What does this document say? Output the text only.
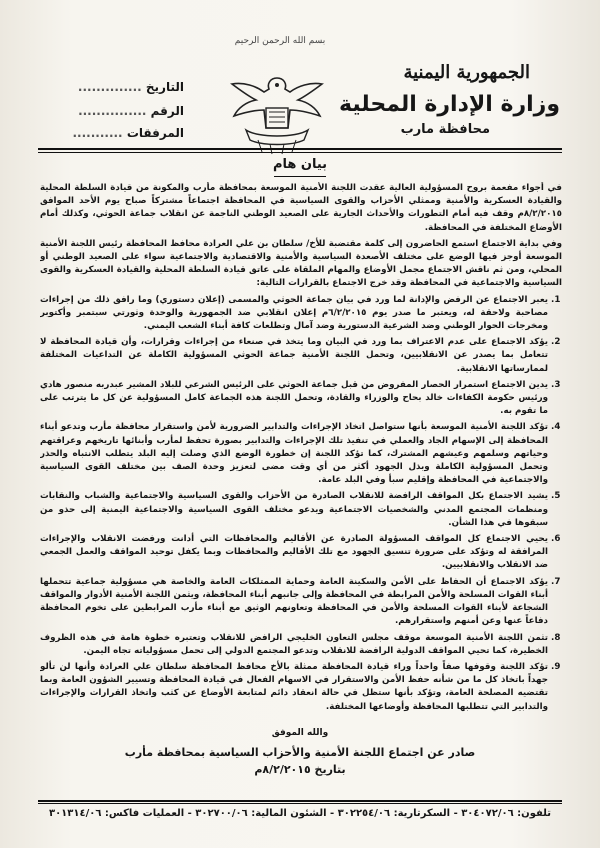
بسم الله الرحمن الرحيم
الجمهورية اليمنية
وزارة الإدارة المحلية
محافظة مارب
التاريخ ..............
الرقم ...............
المرفقات ...........
بيان هام

في أجواء مفعمة بروح المسؤولية العالية عقدت اللجنة الأمنية الموسعة بمحافظة مأرب والمكونة من قيادة السلطة المحلية والقيادة العسكرية والأمنية وممثلي الأحزاب والقوى السياسية في المحافظة اجتماعاً مشتركاً صباح يوم الأحد الموافق ٨/٢/٢٠١٥م وقف فيه أمام التطورات والأحداث الجارية على الصعيد الوطني الناجمة عن انقلاب جماعة الحوثي، وكذلك أمام الأوضاع المختلفة في المحافظة.

وفي بداية الاجتماع استمع الحاضرون إلى كلمة مقتضبة للأخ/ سلطان بن علي العرادة محافظ المحافظة رئيس اللجنة الأمنية الموسعة أوجز فيها الوضع على مختلف الأصعدة السياسية والأمنية والاقتصادية والاجتماعية سواء على الصعيد الوطني أو المحلي، ومن ثم ناقش الاجتماع مجمل الأوضاع والمهام الملقاة على عاتق قيادة السلطة المحلية والقيادة العسكرية والقوى السياسية والاجتماعية في المحافظة وقد خرج الاجتماع بالقرارات التالية:

1. يعبر الاجتماع عن الرفض والإدانة لما ورد في بيان جماعة الحوثي والمسمى (إعلان دستوري) وما رافق ذلك من إجراءات مصاحبة ولاحقة له، ويعتبر ما صدر يوم ٦/٢/٢٠١٥م إعلان انقلابي ضد الجمهورية والوحدة وثورتي سبتمبر وأكتوبر ومخرجات الحوار الوطني وضد الشرعية الدستورية وضد آمال وتطلعات كافة أبناء الشعب اليمني.
2. يؤكد الاجتماع على عدم الاعتراف بما ورد في البيان وما يتخذ في صنعاء من إجراءات وقرارات، وأن قيادة المحافظة لا تتعامل بما يصدر عن الانقلابيين، وتحمل اللجنة الأمنية جماعة الحوثي المسؤولية الكاملة عن التداعيات المختلفة لممارساتها الانقلابية.
3. يدين الاجتماع استمرار الحصار المفروض من قبل جماعة الحوثي على الرئيس الشرعي للبلاد المشير عبدربه منصور هادي ورئيس حكومة الكفاءات خالد بحاح والوزراء والقادة، وتحمل اللجنة هذه الجماعة كامل المسؤولية عن كل ما يترتب على ما تقوم به.
4. تؤكد اللجنة الأمنية الموسعة بأنها ستواصل اتخاذ الإجراءات والتدابير الضرورية لأمن واستقرار محافظة مأرب وتدعو أبناء المحافظة إلى الإسهام الجاد والعملي في تنفيذ تلك الإجراءات والتدابير بصورة تحفظ لمأرب وأبنائها تاريخهم وعراقتهم وحياتهم وسلمهم وعيشهم المشترك، كما تؤكد اللجنة إن خطورة الوضع الذي وصلت إليه البلد يتطلب الانتباه والحذر وتحمل المسؤولية الكاملة وبذل الجهود أكثر من أي وقت مضى لتعزيز وحدة الصف بين مختلف القوى السياسية والاجتماعية في المحافظة وإقليم سبأ وفي البلد عامة.
5. يشيد الاجتماع بكل المواقف الرافضة للانقلاب الصادرة من الأحزاب والقوى السياسية والاجتماعية والشباب والنقابات ومنظمات المجتمع المدني والشخصيات الاجتماعية ويدعو مختلف القوى السياسية والاجتماعية اليمنية إلى حذو من سبقوها في هذا الشأن.
6. يحيي الاجتماع كل المواقف المسؤولة الصادرة عن الأقاليم والمحافظات التي أدانت ورفضت الانقلاب والإجراءات المرافقة له وتؤكد على ضرورة تنسيق الجهود مع تلك الأقاليم والمحافظات وبما يكفل توحيد المواقف والعمل الجمعي ضد الانقلاب والانقلابيين.
7. يؤكد الاجتماع أن الحفاظ على الأمن والسكينة العامة وحماية الممتلكات العامة والخاصة هي مسؤولية جماعية تتحملها أبناء القوات المسلحة والأمن المرابطة في المحافظة وإلى جانبهم أبناء المحافظة، ويثمن اللجنة الأمنية الأدوار والمواقف الشجاعة لأبناء القوات المسلحة والأمن في المحافظة وتعاونهم الوثيق مع أبناء مأرب المرابطين على تخوم المحافظة دفاعاً عنها وعن أمنهم واستقرارهم.
8. تثمن اللجنة الأمنية الموسعة موقف مجلس التعاون الخليجي الرافض للانقلاب وتعتبره خطوة هامة في هذه الظروف الخطيرة، كما تحيي المواقف الدولية الرافضة للانقلاب وتدعو المجتمع الدولي إلى تحمل مسؤولياته تجاه اليمن.
9. تؤكد اللجنة وقوفها صفاً واحداً وراء قيادة المحافظة ممثلة بالأخ محافظ المحافظة سلطان علي العرادة وأنها لن تألو جهداً باتخاذ كل ما من شأنه حفظ الأمن والاستقرار في الاسهام الفعال في قيادة المحافظة وتسيير الشؤون العامة وبما تقتضيه المصلحة العامة، وتؤكد بأنها ستظل في حالة انعقاد دائم لمتابعة الأوضاع عن كثب واتخاذ القرارات والإجراءات والتدابير التي تتطلبها المحافظة وأوضاعها المختلفة.
والله الموفق
صادر عن اجتماع اللجنة الأمنية والأحزاب السياسية بمحافظة مأرب
بتاريخ ٨/٢/٢٠١٥م
تلفون: ٣٠٤٠٧٢/٠٦ - السكرتارية: ٣٠٢٢٥٤/٠٦ - الشئون المالية: ٣٠٢٧٠٠/٠٦ - العمليات فاكس: ٣٠١٣١٤/٠٦
